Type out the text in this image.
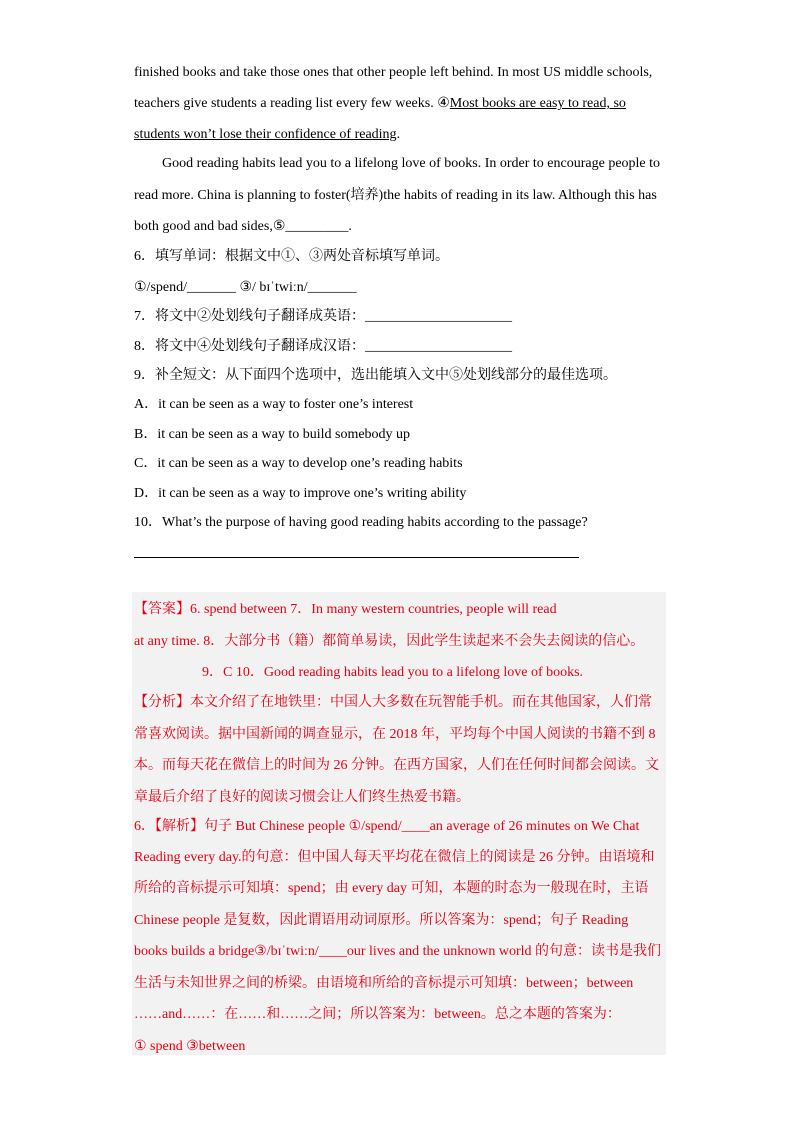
finished books and take those ones that other people left behind. In most US middle schools,
teachers give students a reading list every few weeks. ④Most books are easy to read, so
students won’t lose their confidence of reading.
Good reading habits lead you to a lifelong love of books. In order to encourage people to
read more. China is planning to foster(培养)the habits of reading in its law. Although this has
both good and bad sides,⑤_________.
6．填写单词：根据文中①、③两处音标填写单词。
①/spend/_______ ③/ bɪˈtwiːn/_______
7．将文中②处划线句子翻译成英语：_____________________
8．将文中④处划线句子翻译成汉语：_____________________
9．补全短文：从下面四个选项中，选出能填入文中⑤处划线部分的最佳选项。
A．it can be seen as a way to foster one’s interest
B．it can be seen as a way to build somebody up
C．it can be seen as a way to develop one’s reading habits
D．it can be seen as a way to improve one’s writing ability
10．What’s the purpose of having good reading habits according to the passage?
【答案】6. spend between 7．In many western countries, people will read
at any time. 8．大部分书（籍）都简单易读，因此学生读起来不会失去阅读的信心。
9．C 10．Good reading habits lead you to a lifelong love of books.
【分析】本文介绍了在地铁里：中国人大多数在玩智能手机。而在其他国家，人们常
常喜欢阅读。据中国新闻的调查显示，在 2018 年，平均每个中国人阅读的书籍不到 8
本。而每天花在微信上的时间为 26 分钟。在西方国家，人们在任何时间都会阅读。文
章最后介绍了良好的阅读习惯会让人们终生热爱书籍。
6．【解析】句子 But Chinese people ①/spend/____an average of 26 minutes on We Chat
Reading every day.的句意：但中国人每天平均花在微信上的阅读是 26 分钟。由语境和
所给的音标提示可知填：spend；由 every day 可知，本题的时态为一般现在时，主语
Chinese people 是复数，因此谓语用动词原形。所以答案为：spend；句子 Reading
books builds a bridge③/bɪˈtwiːn/____our lives and the unknown world 的句意：读书是我们
生活与未知世界之间的桥梁。由语境和所给的音标提示可知填：between；between
……and……：在……和……之间；所以答案为：between。总之本题的答案为：
① spend ③between
